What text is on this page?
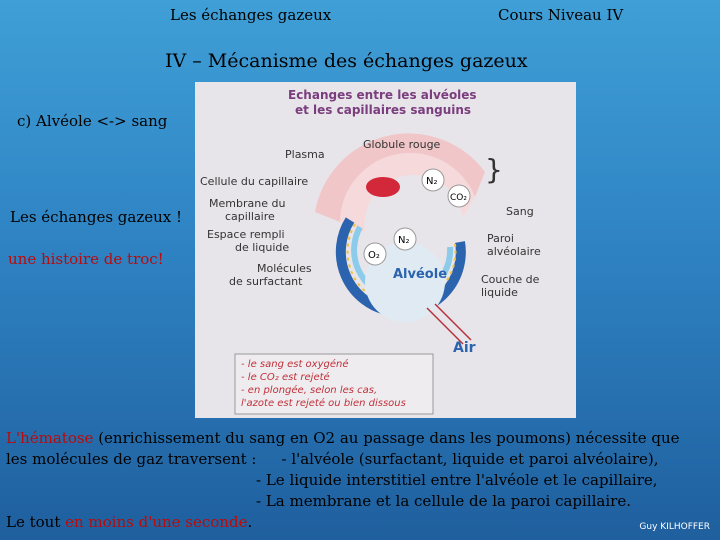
Les échanges gazeux	Cours Niveau IV
IV – Mécanisme des échanges gazeux
c) Alvéole <-> sang
Les échanges gazeux !
une histoire de troc!
Echanges entre les alvéoles
et les capillaires sanguins
N₂
CO₂
N₂
O₂
Plasma
Globule rouge
Cellule du capillaire
Membrane du
capillaire
Espace rempli
de liquide
Molécules
de surfactant
}
Sang
Paroi
alvéolaire
Couche de
liquide
Alvéole
Air
- le sang est oxygéné
- le CO₂ est rejeté
- en plongée, selon les cas,
l'azote est rejeté ou bien dissous
L'hématose (enrichissement du sang en O2 au passage dans les poumons) nécessite que
les molécules de gaz traversent : - l'alvéole (surfactant, liquide et paroi alvéolaire),
- Le liquide interstitiel entre l'alvéole et le capillaire,
- La membrane et la cellule de la paroi capillaire.
Le tout en moins d'une seconde.	Guy KILHOFFER
